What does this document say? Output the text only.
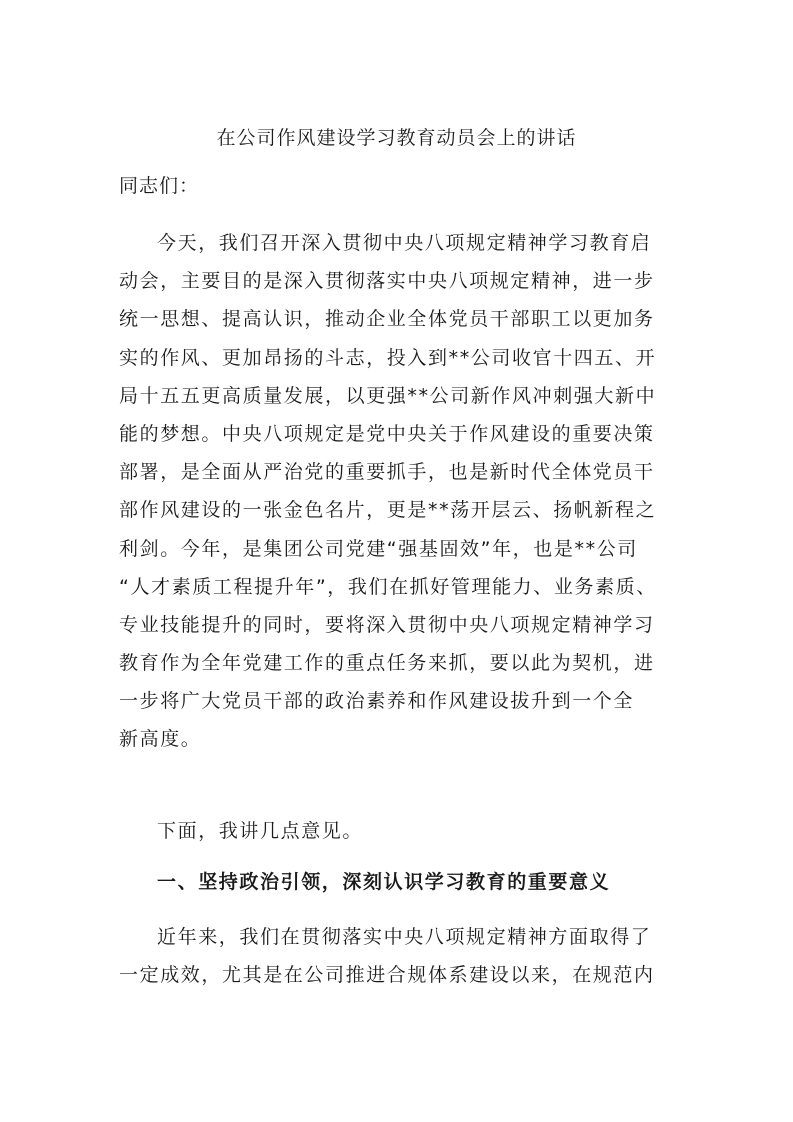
在公司作风建设学习教育动员会上的讲话
同志们：
今天，我们召开深入贯彻中央八项规定精神学习教育启
动会，主要目的是深入贯彻落实中央八项规定精神，进一步
统一思想、提高认识，推动企业全体党员干部职工以更加务
实的作风、更加昂扬的斗志，投入到**公司收官十四五、开
局十五五更高质量发展，以更强**公司新作风冲刺强大新中
能的梦想。中央八项规定是党中央关于作风建设的重要决策
部署，是全面从严治党的重要抓手，也是新时代全体党员干
部作风建设的一张金色名片，更是**荡开层云、扬帆新程之
利剑。今年，是集团公司党建“强基固效”年，也是**公司
“人才素质工程提升年”，我们在抓好管理能力、业务素质、
专业技能提升的同时，要将深入贯彻中央八项规定精神学习
教育作为全年党建工作的重点任务来抓，要以此为契机，进
一步将广大党员干部的政治素养和作风建设拔升到一个全
新高度。
下面，我讲几点意见。
一、坚持政治引领，深刻认识学习教育的重要意义
近年来，我们在贯彻落实中央八项规定精神方面取得了
一定成效，尤其是在公司推进合规体系建设以来，在规范内
